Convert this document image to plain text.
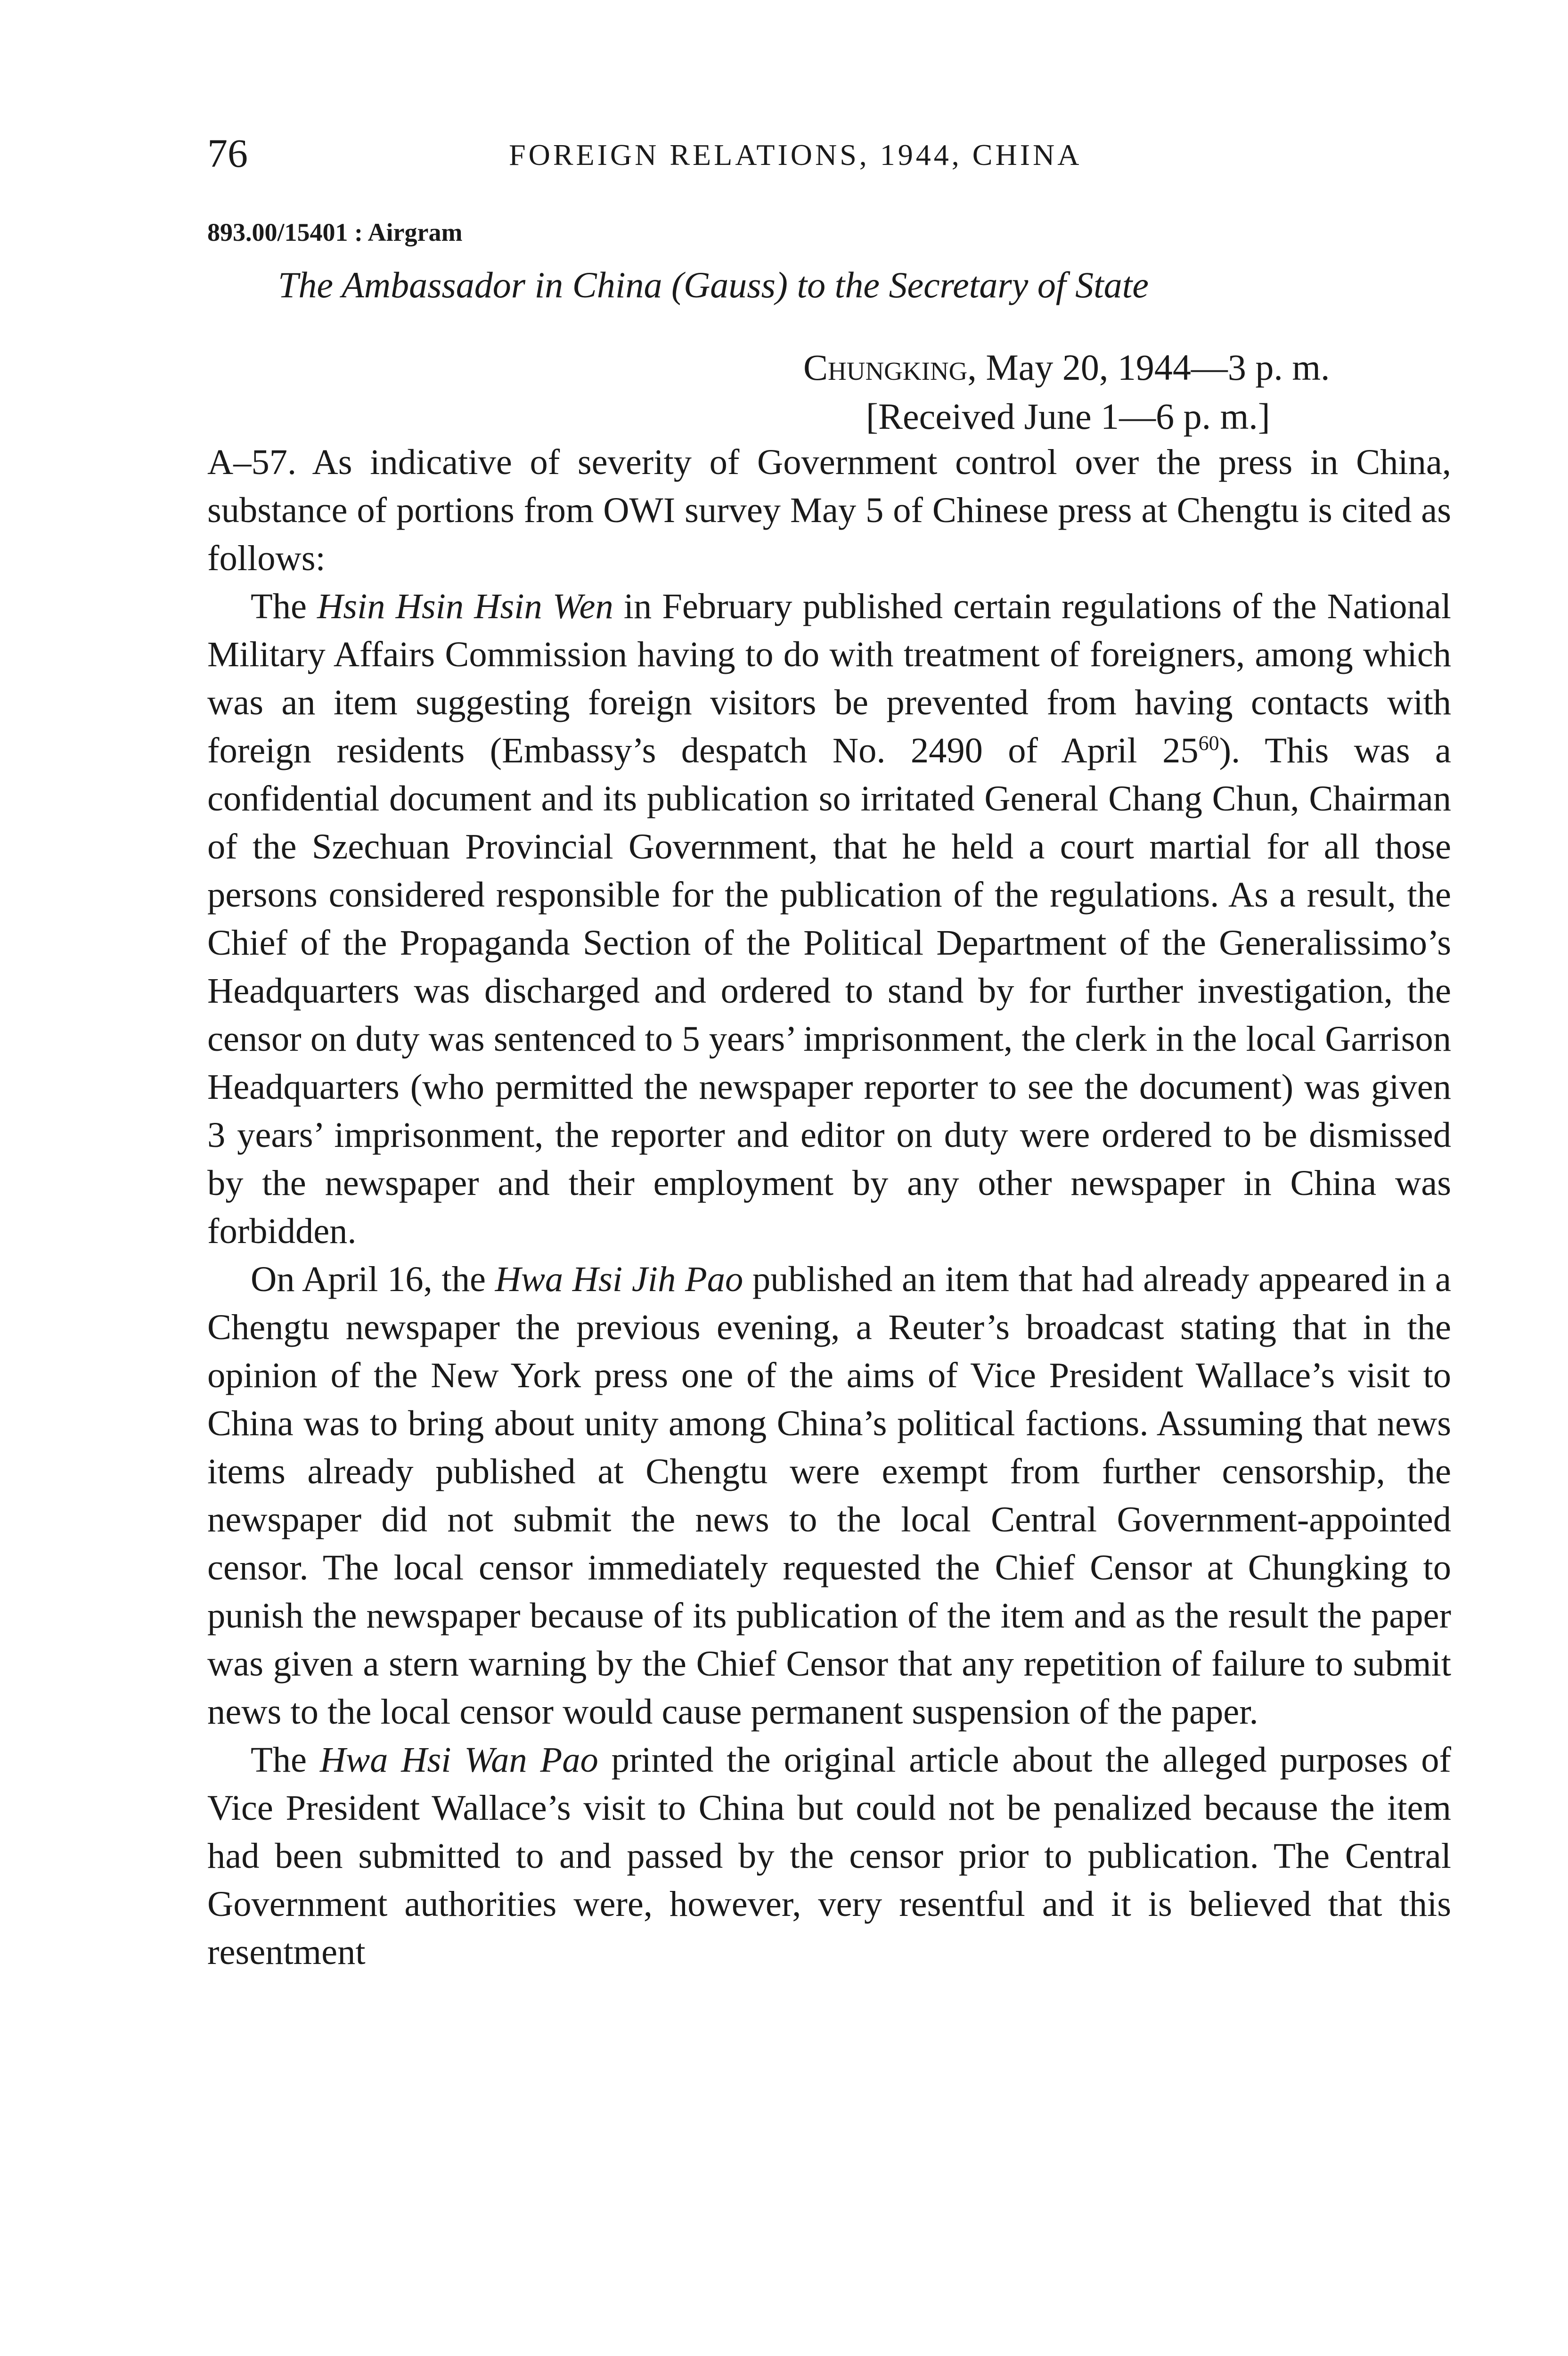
76	FOREIGN RELATIONS, 1944, CHINA
893.00/15401 : Airgram
The Ambassador in China (Gauss) to the Secretary of State
Chungking, May 20, 1944—3 p. m.
[Received June 1—6 p. m.]

A–57. As indicative of severity of Government control over the press in China, substance of portions from OWI survey May 5 of Chinese press at Chengtu is cited as follows:

The Hsin Hsin Hsin Wen in February published certain regulations of the National Military Affairs Commission having to do with treatment of foreigners, among which was an item suggesting foreign visitors be prevented from having contacts with foreign residents (Embassy’s despatch No. 2490 of April $25^{60}$). This was a confidential document and its publication so irritated General Chang Chun, Chairman of the Szechuan Provincial Government, that he held a court martial for all those persons considered responsible for the publication of the regulations. As a result, the Chief of the Propaganda Section of the Political Department of the Generalissimo’s Headquarters was discharged and ordered to stand by for further investigation, the censor on duty was sentenced to 5 years’ imprisonment, the clerk in the local Garrison Headquarters (who permitted the newspaper reporter to see the document) was given 3 years’ imprisonment, the reporter and editor on duty were ordered to be dismissed by the newspaper and their employment by any other newspaper in China was forbidden.

On April 16, the Hwa Hsi Jih Pao published an item that had already appeared in a Chengtu newspaper the previous evening, a Reuter’s broadcast stating that in the opinion of the New York press one of the aims of Vice President Wallace’s visit to China was to bring about unity among China’s political factions. Assuming that news items already published at Chengtu were exempt from further censorship, the newspaper did not submit the news to the local Central Government-appointed censor. The local censor immediately requested the Chief Censor at Chungking to punish the newspaper because of its publication of the item and as the result the paper was given a stern warning by the Chief Censor that any repetition of failure to submit news to the local censor would cause permanent suspension of the paper.

The Hwa Hsi Wan Pao printed the original article about the alleged purposes of Vice President Wallace’s visit to China but could not be penalized because the item had been submitted to and passed by the censor prior to publication. The Central Government authorities were, however, very resentful and it is believed that this resentment
